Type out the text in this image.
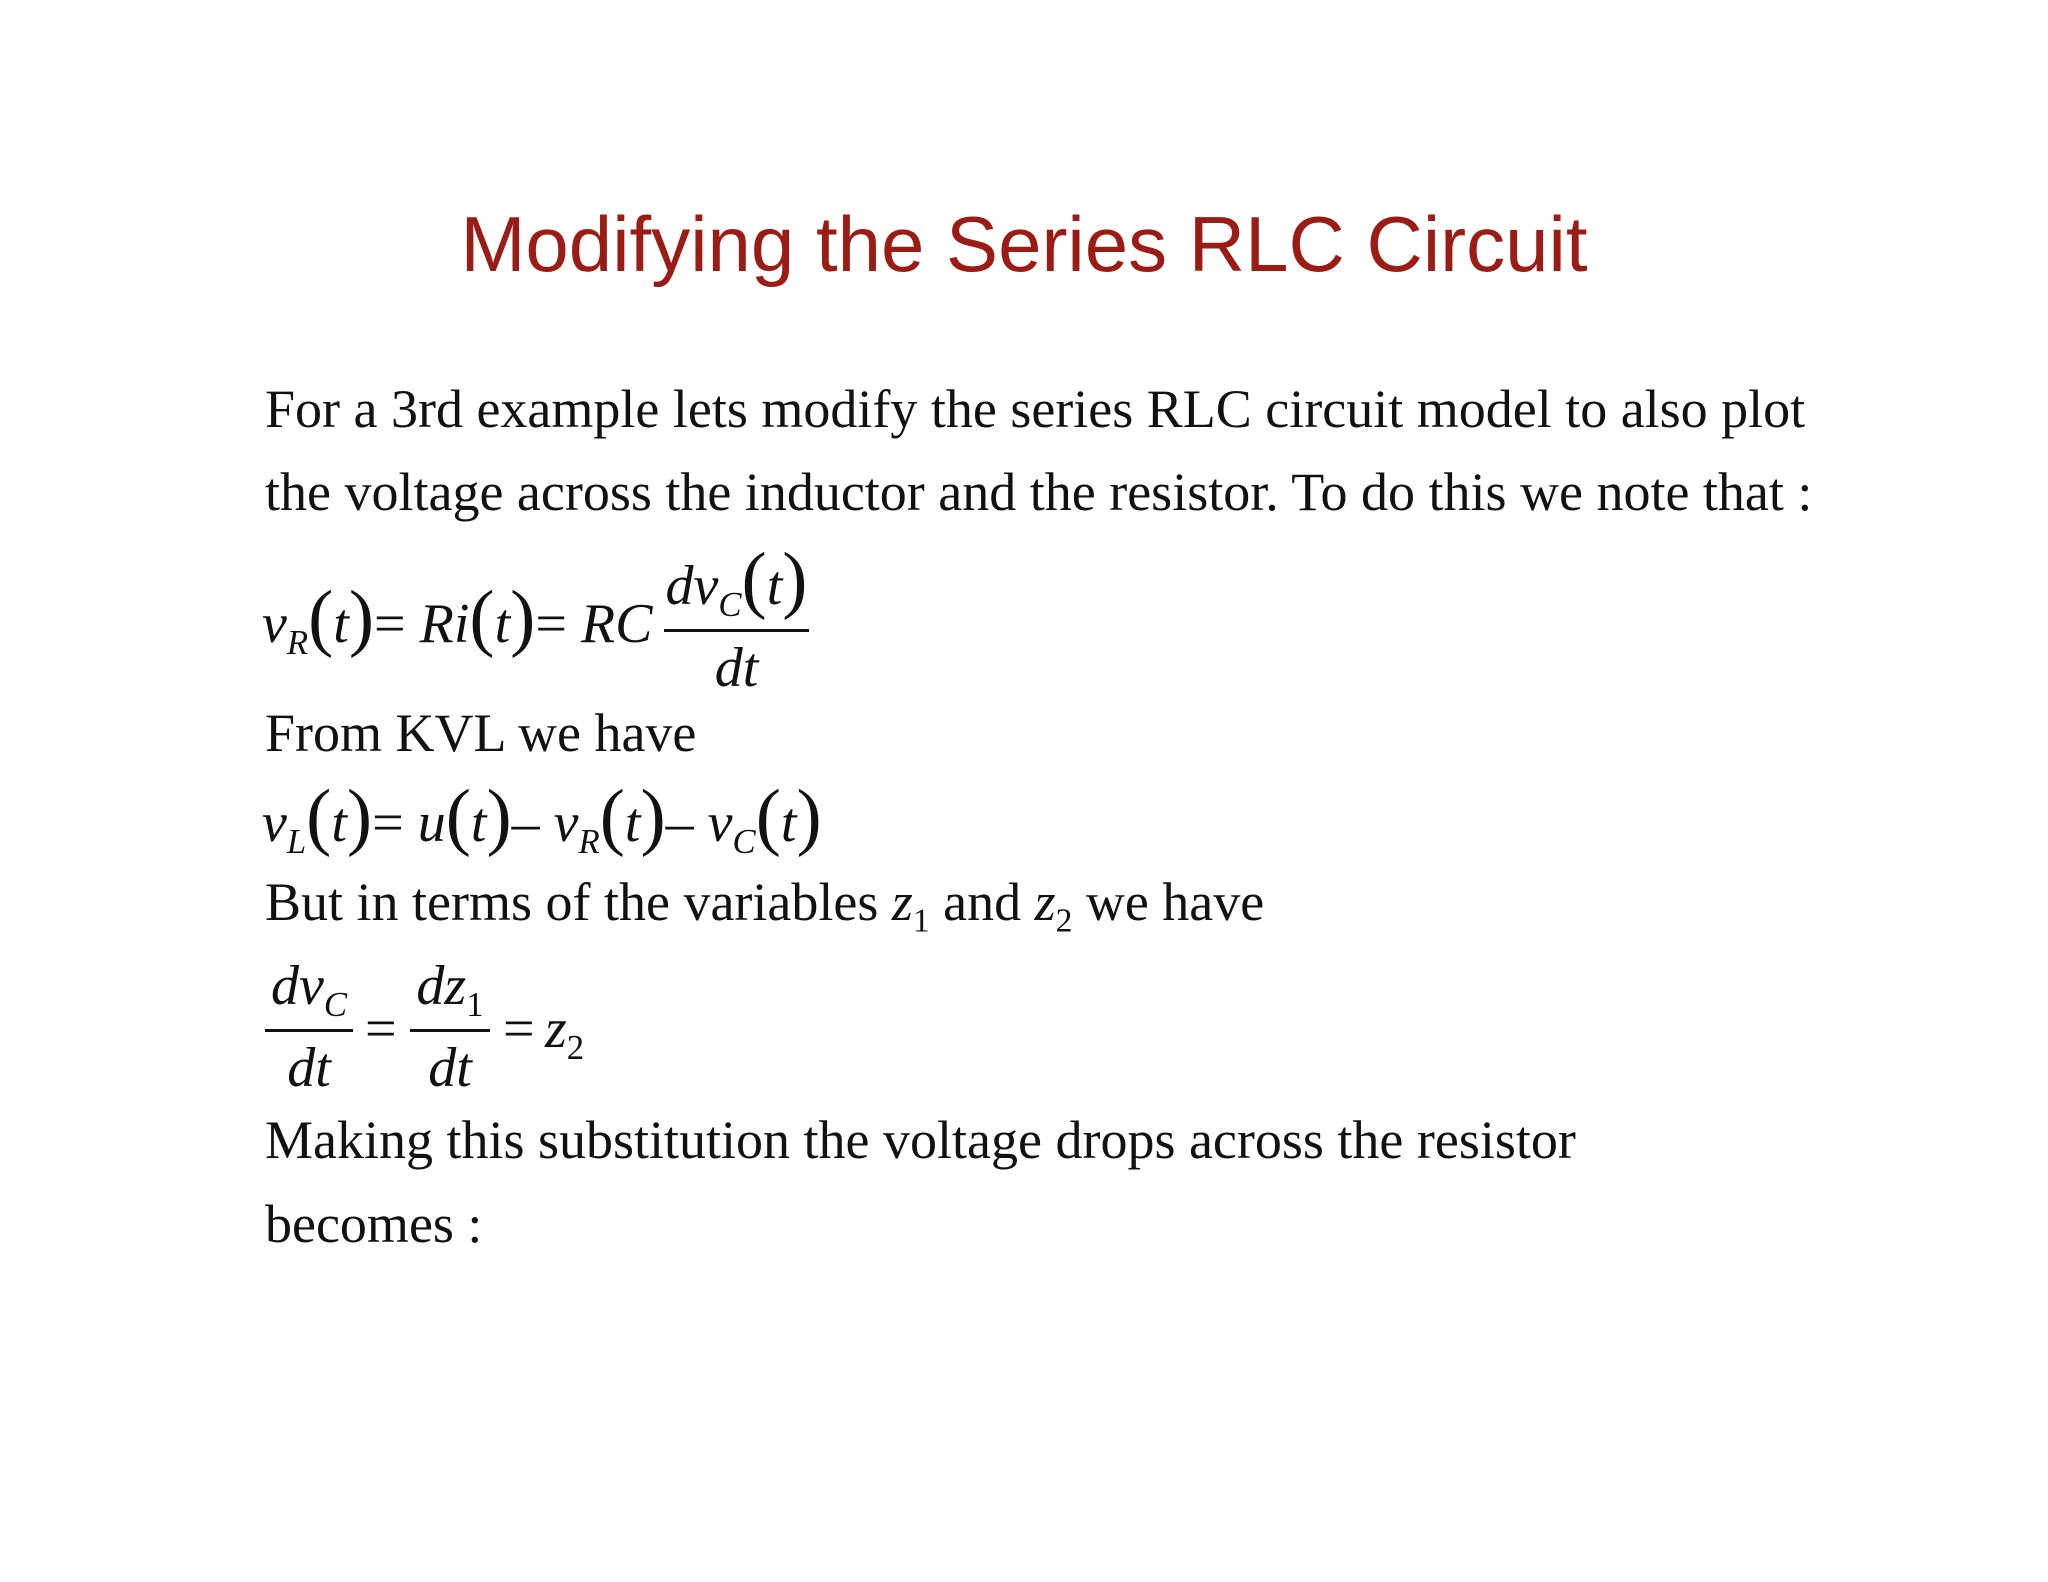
Modifying the Series RLC Circuit
For a 3rd example lets modify the series RLC circuit model to also plot
the voltage across the inductor and the resistor. To do this we note that :
$v_R(t)= Ri(t)=$ RC
$dv_C(t)$
dt
From KVL we have
$v_L(t)= u(t)-$ $v_R(t)-$ $v_C(t)$
But in terms of the variables $z_1$ and $z_2$ we have
$dv_C$
dt
=
$dz_1$
dt
= $z_2$
Making this substitution the voltage drops across the resistor
becomes :
